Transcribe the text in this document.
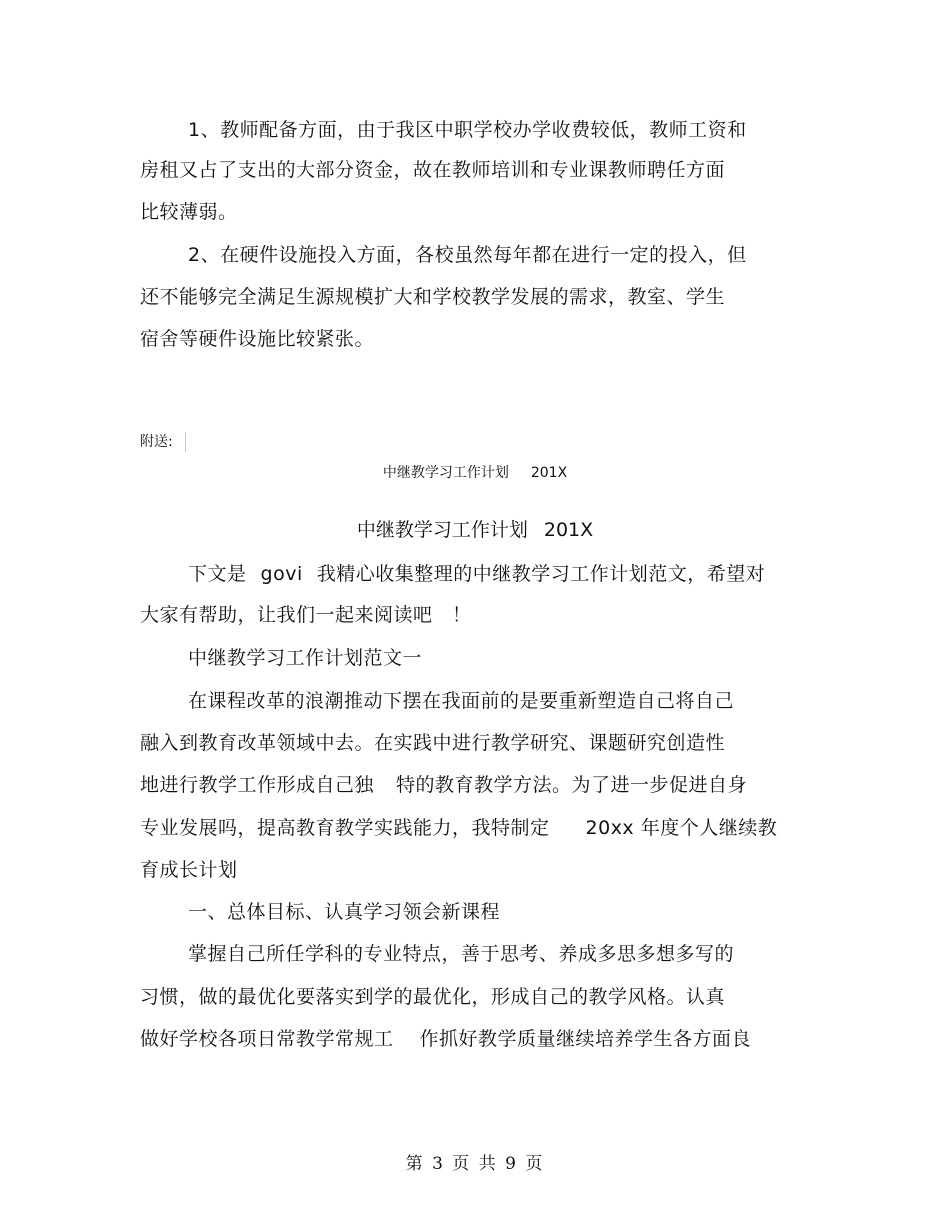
1、教师配备方面，由于我区中职学校办学收费较低，教师工资和
房租又占了支出的大部分资金，故在教师培训和专业课教师聘任方面
比较薄弱。
2、在硬件设施投入方面，各校虽然每年都在进行一定的投入，但
还不能够完全满足生源规模扩大和学校教学发展的需求，教室、学生
宿舍等硬件设施比较紧张。
附送:
中继教学习工作计划 201X
中继教学习工作计划 201X
下文是 govi 我精心收集整理的中继教学习工作计划范文，希望对
大家有帮助，让我们一起来阅读吧　！
中继教学习工作计划范文一
在课程改革的浪潮推动下摆在我面前的是要重新塑造自己将自己
融入到教育改革领域中去。在实践中进行教学研究、课题研究创造性
地进行教学工作形成自己独 特的教育教学方法。为了进一步促进自身
专业发展吗，提高教育教学实践能力，我特制定 20xx 年度个人继续教
育成长计划
一、总体目标、认真学习领会新课程
掌握自己所任学科的专业特点，善于思考、养成多思多想多写的
习惯，做的最优化要落实到学的最优化，形成自己的教学风格。认真
做好学校各项日常教学常规工 作抓好教学质量继续培养学生各方面良
第 3 页 共 9 页
